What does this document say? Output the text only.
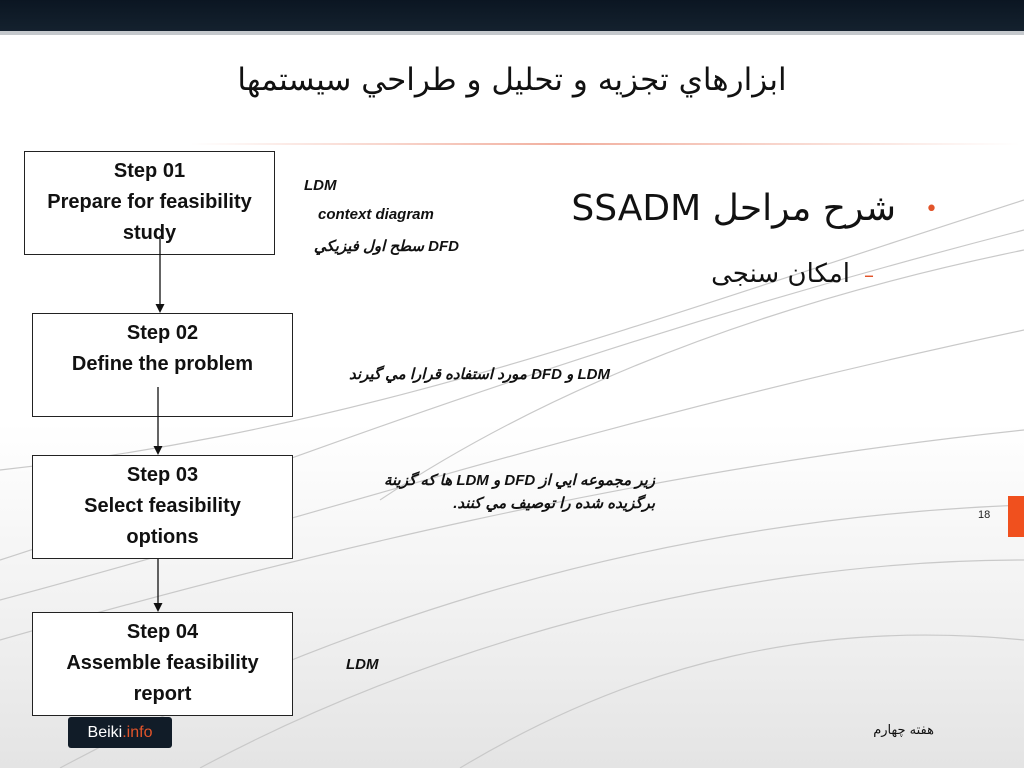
ابزارهاي تجزيه و تحليل و طراحي سيستمها
Step 01
Prepare for feasibility
study
Step 02
Define the problem
Step 03
Select feasibility
options
Step 04
Assemble feasibility
report
LDM
context diagram
DFD سطح اول فيزيکي
LDM و DFD مورد استفاده قرارا مي گيرند
زير مجموعه ايي از DFD و LDM ها که گزينة
برگزيده شده را توصيف مي کنند.
LDM
•
شرح مراحل SSADM
–
امکان سنجی
18
Beiki .info	هفته چهارم
